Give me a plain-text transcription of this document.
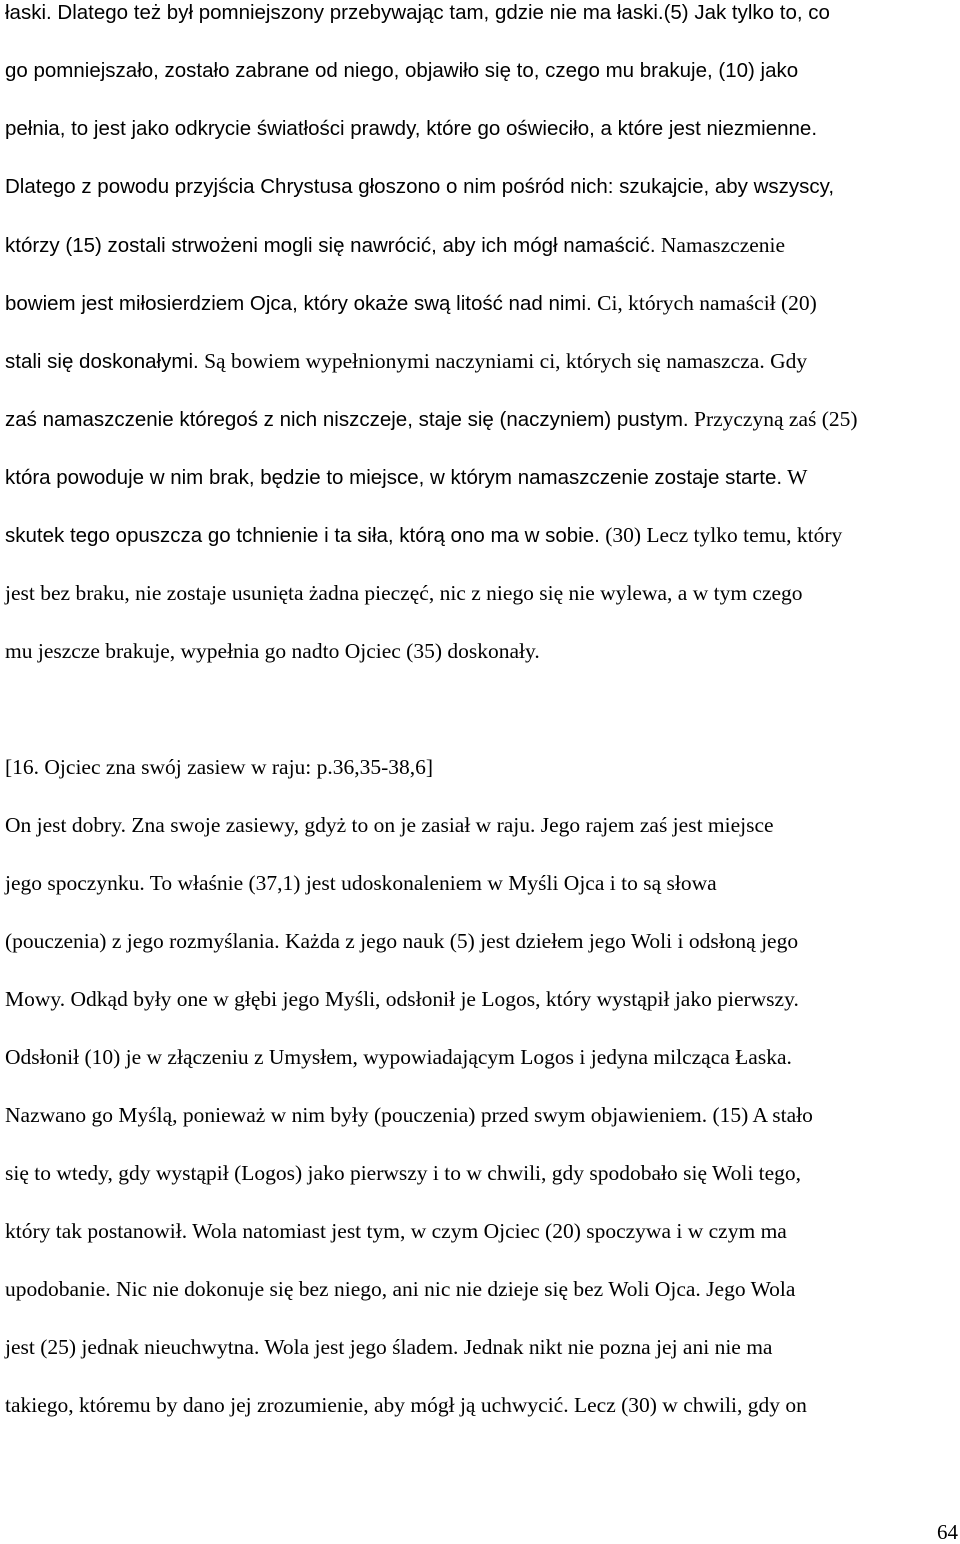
łaski. Dlatego też był pomniejszony przebywając tam, gdzie nie ma łaski.(5) Jak tylko to, co
go pomniejszało, zostało zabrane od niego, objawiło się to, czego mu brakuje, (10) jako
pełnia, to jest jako odkrycie światłości prawdy, które go oświeciło, a które jest niezmienne.
Dlatego z powodu przyjścia Chrystusa głoszono o nim pośród nich: szukajcie, aby wszyscy,
którzy (15) zostali strwożeni mogli się nawrócić, aby ich mógł namaścić. Namaszczenie
bowiem jest miłosierdziem Ojca, który okaże swą litość nad nimi. Ci, których namaścił (20)
stali się doskonałymi. Są bowiem wypełnionymi naczyniami ci, których się namaszcza. Gdy
zaś namaszczenie któregoś z nich niszczeje, staje się (naczyniem) pustym. Przyczyną zaś (25)
która powoduje w nim brak, będzie to miejsce, w którym namaszczenie zostaje starte. W
skutek tego opuszcza go tchnienie i ta siła, którą ono ma w sobie. (30) Lecz tylko temu, który
jest bez braku, nie zostaje usunięta żadna pieczęć, nic z niego się nie wylewa, a w tym czego
mu jeszcze brakuje, wypełnia go nadto Ojciec (35) doskonały.
[16. Ojciec zna swój zasiew w raju: p.36,35-38,6]
On jest dobry. Zna swoje zasiewy, gdyż to on je zasiał w raju. Jego rajem zaś jest miejsce
jego spoczynku. To właśnie (37,1) jest udoskonaleniem w Myśli Ojca i to są słowa
(pouczenia) z jego rozmyślania. Każda z jego nauk (5) jest dziełem jego Woli i odsłoną jego
Mowy. Odkąd były one w głębi jego Myśli, odsłonił je Logos, który wystąpił jako pierwszy.
Odsłonił (10) je w złączeniu z Umysłem, wypowiadającym Logos i jedyna milcząca Łaska.
Nazwano go Myślą, ponieważ w nim były (pouczenia) przed swym objawieniem. (15) A stało
się to wtedy, gdy wystąpił (Logos) jako pierwszy i to w chwili, gdy spodobało się Woli tego,
który tak postanowił. Wola natomiast jest tym, w czym Ojciec (20) spoczywa i w czym ma
upodobanie. Nic nie dokonuje się bez niego, ani nic nie dzieje się bez Woli Ojca. Jego Wola
jest (25) jednak nieuchwytna. Wola jest jego śladem. Jednak nikt nie pozna jej ani nie ma
takiego, któremu by dano jej zrozumienie, aby mógł ją uchwycić. Lecz (30) w chwili, gdy on
64
